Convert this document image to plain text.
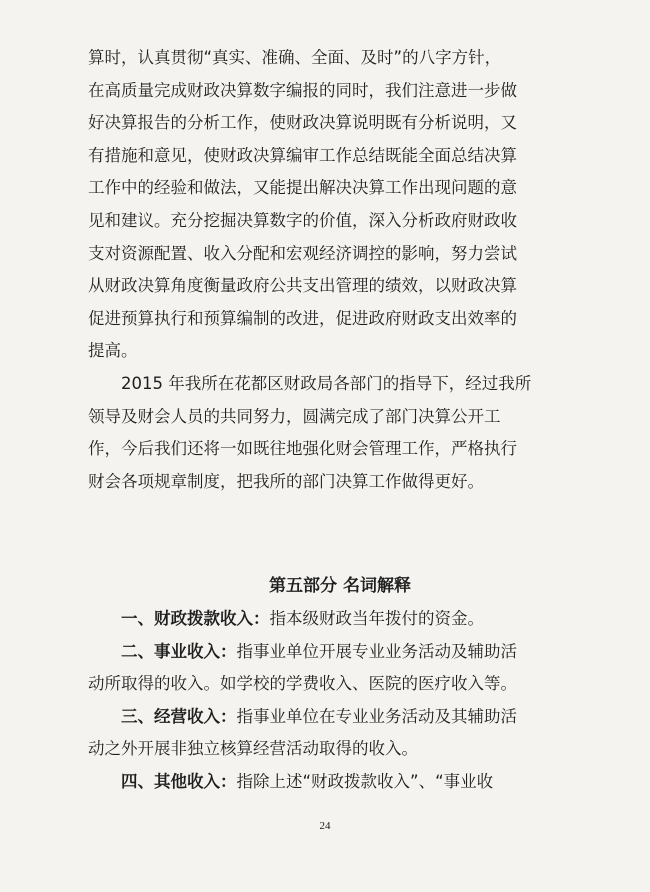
算时，认真贯彻“真实、准确、全面、及时”的八字方针，
在高质量完成财政决算数字编报的同时，我们注意进一步做
好决算报告的分析工作，使财政决算说明既有分析说明，又
有措施和意见，使财政决算编审工作总结既能全面总结决算
工作中的经验和做法，又能提出解决决算工作出现问题的意
见和建议。充分挖掘决算数字的价值，深入分析政府财政收
支对资源配置、收入分配和宏观经济调控的影响，努力尝试
从财政决算角度衡量政府公共支出管理的绩效，以财政决算
促进预算执行和预算编制的改进，促进政府财政支出效率的
提高。
2015 年我所在花都区财政局各部门的指导下，经过我所
领导及财会人员的共同努力，圆满完成了部门决算公开工
作，今后我们还将一如既往地强化财会管理工作，严格执行
财会各项规章制度，把我所的部门决算工作做得更好。
第五部分 名词解释
一、财政拨款收入：指本级财政当年拨付的资金。
二、事业收入：指事业单位开展专业业务活动及辅助活
动所取得的收入。如学校的学费收入、医院的医疗收入等。
三、经营收入：指事业单位在专业业务活动及其辅助活
动之外开展非独立核算经营活动取得的收入。
四、其他收入：指除上述“财政拨款收入”、“事业收
24
